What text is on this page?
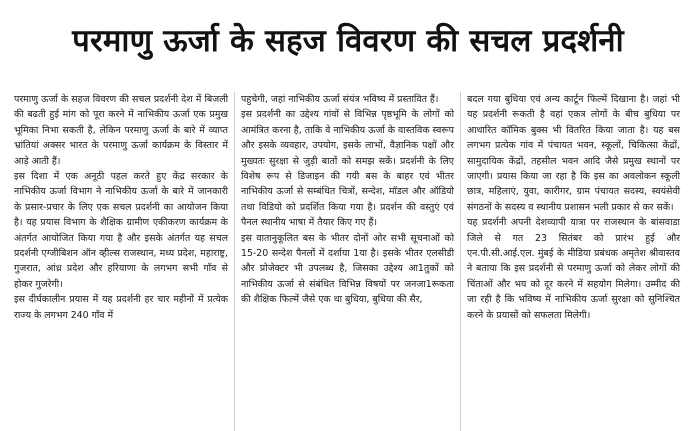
परमाणु ऊर्जा के सहज विवरण की सचल प्रदर्शनी

परमाणु ऊर्जा के सहज विवरण की सचल प्रदर्शनी देश में बिजली की बढती हुई मांग को पूरा करने में नाभिकीय ऊर्जा एक प्रमुख भूमिका निभा सकती है, लेकिन परमाणु ऊर्जा के बारे में व्याप्त भ्रांतियां अक्सर भारत के परमाणु ऊर्जा कार्यक्रम के विस्तार में आड़े आती हैं।

इस दिशा में एक अनूठी पहल करते हुए केंद्र सरकार के नाभिकीय ऊर्जा विभाग ने नाभिकीय ऊर्जा के बारे में जानकारी के प्रसार-प्रचार के लिए एक सचल प्रदर्शनी का आयोजन किया है। यह प्रयास विभाग के शैक्षिक ग्रामीण एकीकरण कार्यक्रम के अंतर्गत आयोजित किया गया है और इसके अंतर्गत यह सचल प्रदर्शनी एग्जीबिशन ऑन व्हील्स राजस्थान, मध्य प्रदेश, महाराष्ट्र, गुजरात, आंध्र प्रदेश और हरियाणा के लगभग सभी गाँव से होकर गुजरेगी।

इस दीर्घकालीन प्रयास में यह प्रदर्शनी हर चार महीनों में प्रत्येक राज्य के लगभग 240 गाँव में

पहुचेगी, जहां नाभिकीय ऊर्जा संयंत्र भविष्य में प्रस्तावित हैं।

इस प्रदर्शनी का उद्देश्य गांवों से विभिन्न पृष्ठभूमि के लोगों को आमंत्रित करना है, ताकि वे नाभिकीय ऊर्जा के वास्तविक स्वरूप और इसके व्यवहार, उपयोग, इसके लाभों, वैज्ञानिक पक्षों और मुख्यतः सुरक्षा से जुड़ी बातों को समझ सकें। प्रदर्शनी के लिए विशेष रूप से डिजाइन की गयी बस के बाहर एवं भीतर नाभिकीय ऊर्जा से सम्बंधित चित्रों, सन्देश, मॉडल और ऑडियो तथा विडियो को प्रदर्शित किया गया है। प्रदर्शन की वस्तुएं एवं पैनल स्थानीय भाषा में तैयार किए गए हैं।

इस वातानुकूलित बस के भीतर दोनों ओर सभी सूचनाओं को 15-20 सन्देश पैनलों में दर्शाया 1या है। इसके भीतर एलसीडी और प्रोजेक्टर भी उपलब्ध है, जिसका उद्देश्य आ1तुकों को नाभिकीय ऊर्जा से संबंधित विभिन्न विषयों पर जनजा1रूकता की शैक्षिक फिल्में जैसे एक था बुधिया, बुधिया की सैर,

बदल गया बुधिया एवं अन्य कार्टून फिल्में दिखाना है। जहां भी यह प्रदर्शनी रूकती है वहां एकत्र लोगों के बीच बुधिया पर आधारित कॉमिक बुक्स भी वितरित किया जाता है। यह बस लगभग प्रत्येक गांव में पंचायत भवन, स्कूलों, चिकित्सा केंद्रों, सामुदायिक केंद्रों, तहसील भवन आदि जैसे प्रमुख स्थानों पर जाएगी। प्रयास किया जा रहा है कि इस का अवलोकन स्कूली छात्र, महिलाएं, युवा, कारीगर, ग्राम पंचायत सदस्य, स्वयंसेवी संगठनों के सदस्य व स्थानीय प्रशासन भली प्रकार से कर सकें।

यह प्रदर्शनी अपनी देशव्यापी यात्रा पर राजस्थान के बांसवाडा जिले से गत 23 सितंबर को प्रारंभ हुई और एन.पी.सी.आई.एल. मुंबई के मीडिया प्रबंधक अमृतेश श्रीवास्तव ने बताया कि इस प्रदर्शनी से परमाणु ऊर्जा को लेकर लोगों की चिंताओं और भय को दूर करने में सहयोग मिलेगा। उम्मीद की जा रही है कि भविष्य में नाभिकीय ऊर्जा सुरक्षा को सुनिश्चित करने के प्रयासों को सफलता मिलेगी।
